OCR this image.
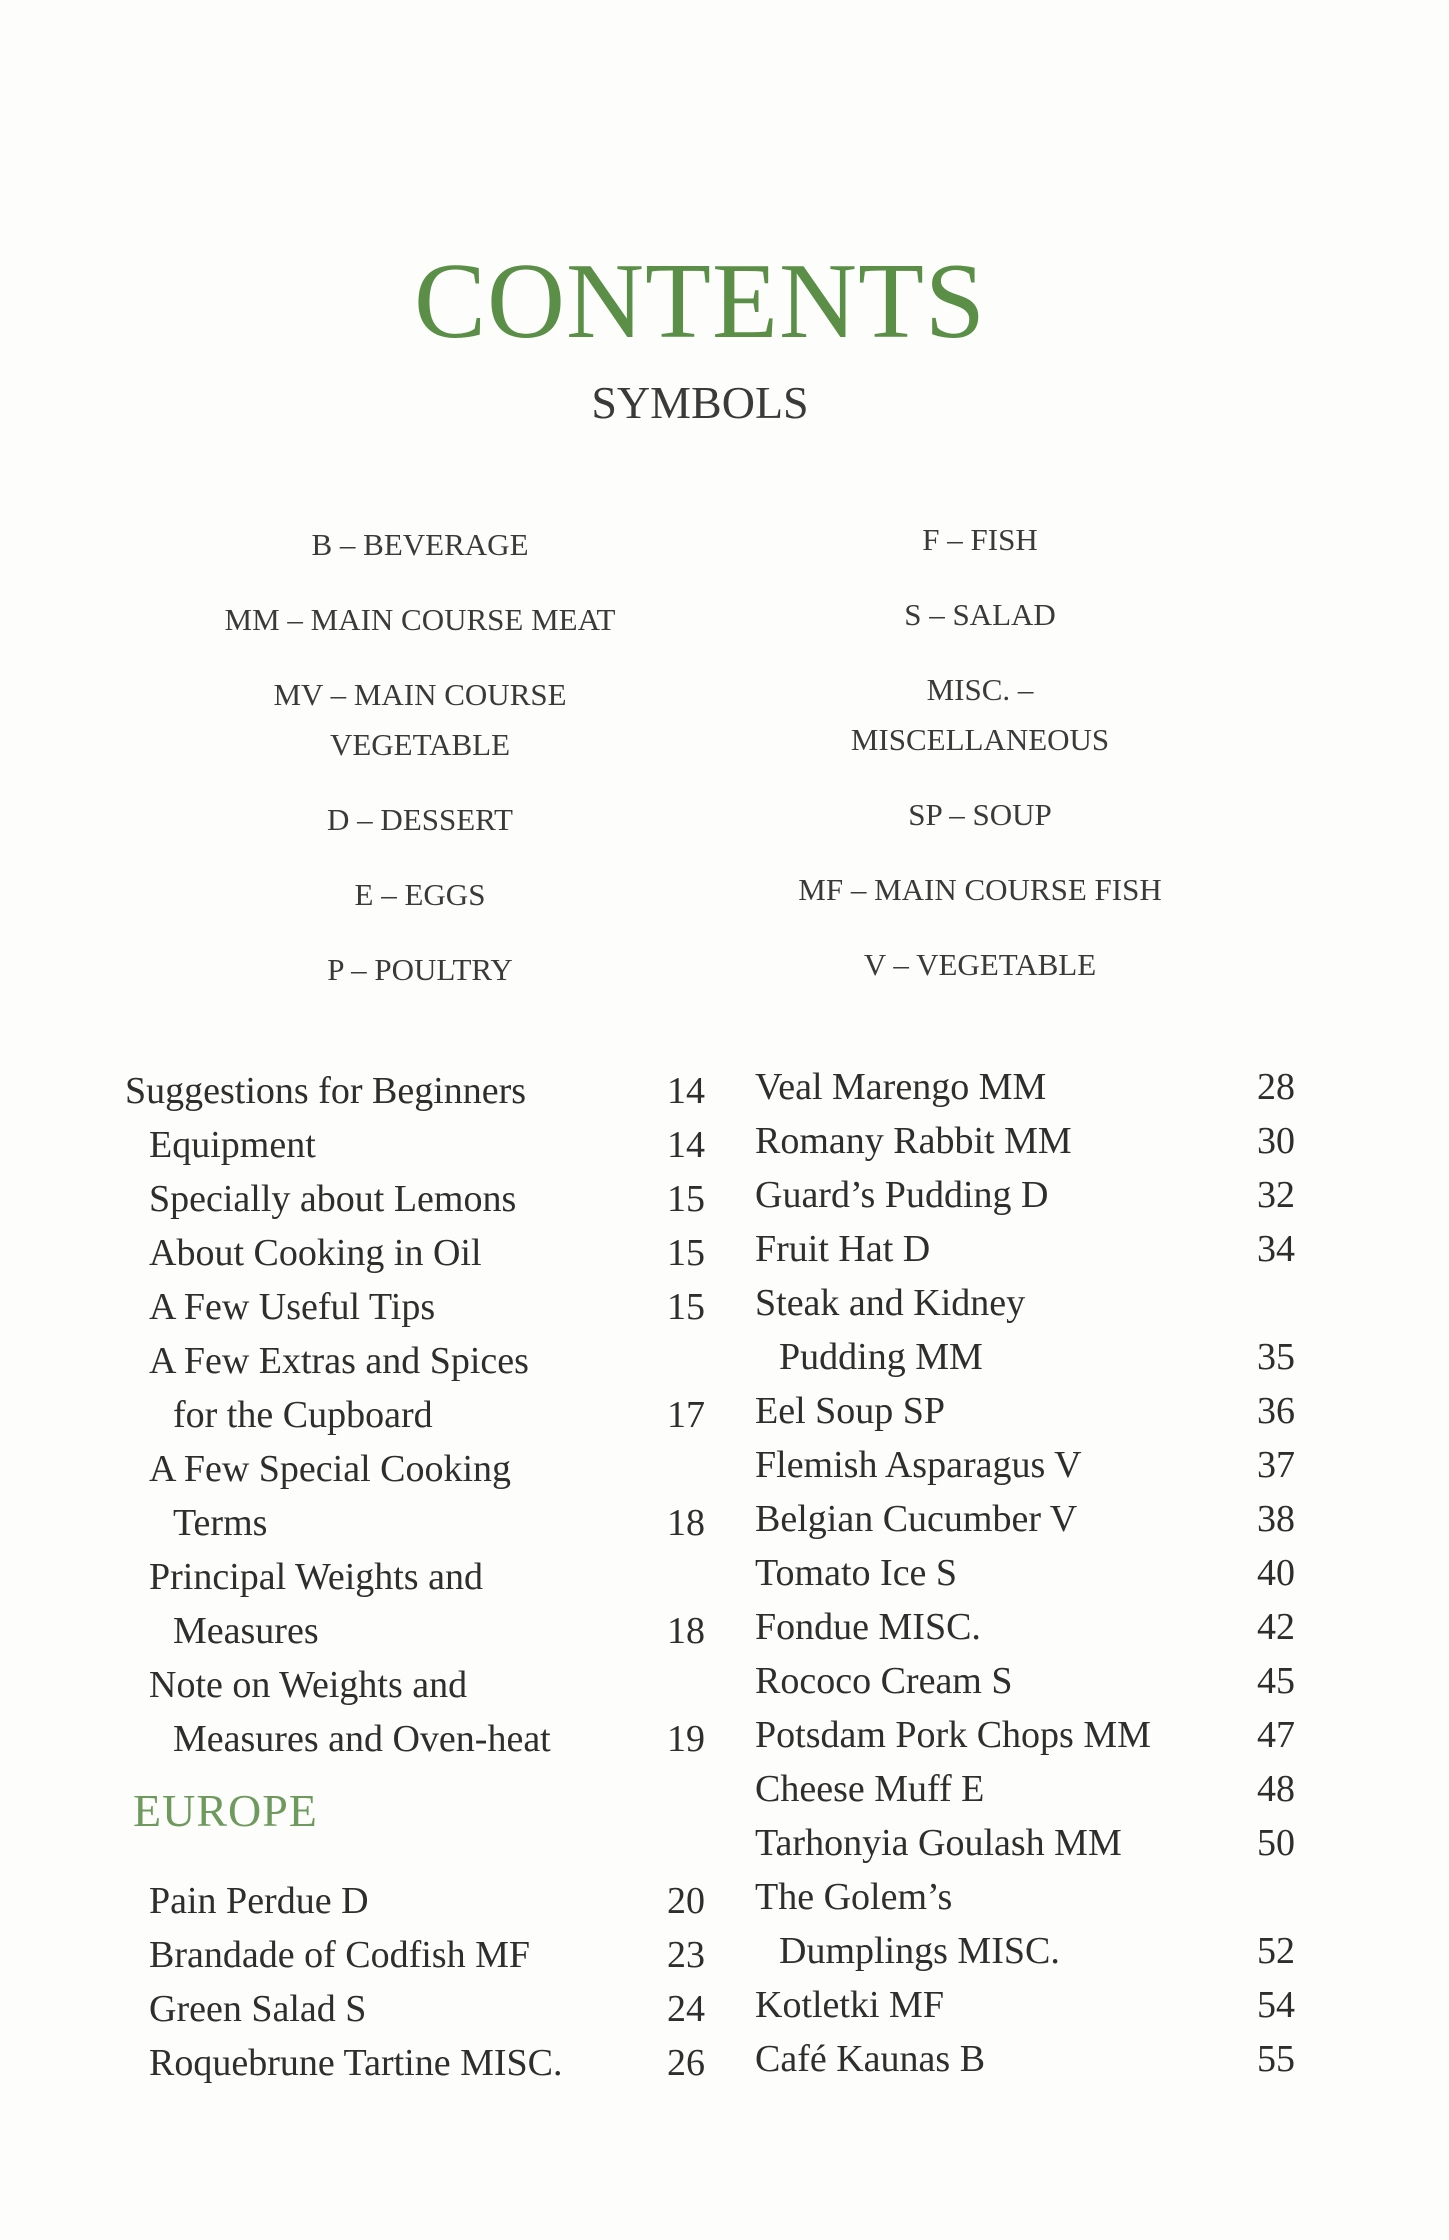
CONTENTS
SYMBOLS
B – BEVERAGE
MM – MAIN COURSE MEAT
MV – MAIN COURSE
VEGETABLE
D – DESSERT
E – EGGS
P – POULTRY
F – FISH
S – SALAD
MISC. –
MISCELLANEOUS
SP – SOUP
MF – MAIN COURSE FISH
V – VEGETABLE
Suggestions for Beginners	14
Equipment	14
Specially about Lemons	15
About Cooking in Oil	15
A Few Useful Tips	15
A Few Extras and Spices
for the Cupboard	17
A Few Special Cooking
Terms	18
Principal Weights and
Measures	18
Note on Weights and
Measures and Oven-heat	19
EUROPE
Pain Perdue D	20
Brandade of Codfish MF	23
Green Salad S	24
Roquebrune Tartine MISC.	26
Veal Marengo MM	28
Romany Rabbit MM	30
Guard’s Pudding D	32
Fruit Hat D	34
Steak and Kidney
Pudding MM	35
Eel Soup SP	36
Flemish Asparagus V	37
Belgian Cucumber V	38
Tomato Ice S	40
Fondue MISC.	42
Rococo Cream S	45
Potsdam Pork Chops MM	47
Cheese Muff E	48
Tarhonyia Goulash MM	50
The Golem’s
Dumplings MISC.	52
Kotletki MF	54
Café Kaunas B	55
